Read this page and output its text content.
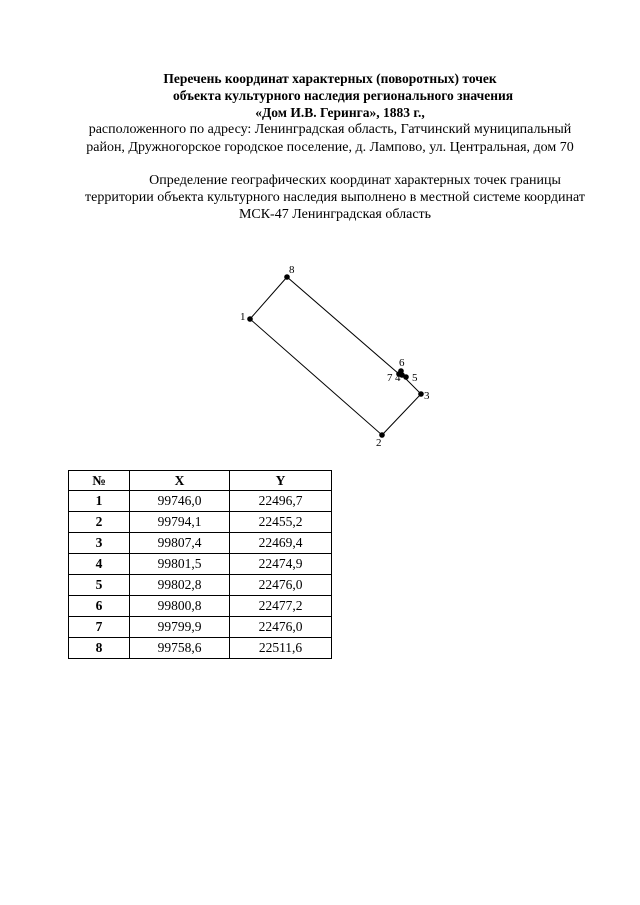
Перечень координат характерных (поворотных) точек
объекта культурного наследия регионального значения
«Дом И.В. Геринга», 1883 г.,
расположенного по адресу: Ленинградская область, Гатчинский муниципальный
район, Дружногорское городское поселение, д. Лампово, ул. Центральная, дом 70
Определение географических координат характерных точек границы
территории объекта культурного наследия выполнено в местной системе координат
МСК-47 Ленинградская область
1
2
3
4 5
6
7
8
№	X	Y
1	99746,0	22496,7
2	99794,1	22455,2
3	99807,4	22469,4
4	99801,5	22474,9
5	99802,8	22476,0
6	99800,8	22477,2
7	99799,9	22476,0
8	99758,6	22511,6
